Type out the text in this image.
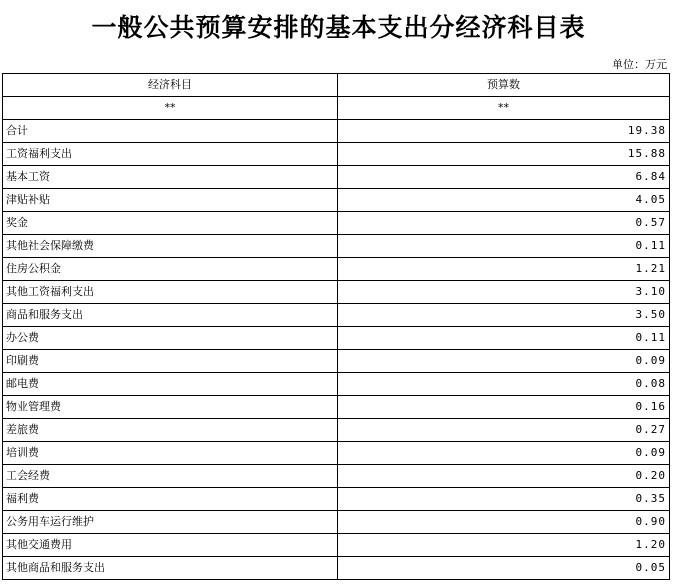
一般公共预算安排的基本支出分经济科目表
单位：万元
经济科目	预算数
**	**
合计	19.38
工资福利支出	15.88
基本工资	6.84
津贴补贴	4.05
奖金	0.57
其他社会保障缴费	0.11
住房公积金	1.21
其他工资福利支出	3.10
商品和服务支出	3.50
办公费	0.11
印刷费	0.09
邮电费	0.08
物业管理费	0.16
差旅费	0.27
培训费	0.09
工会经费	0.20
福利费	0.35
公务用车运行维护	0.90
其他交通费用	1.20
其他商品和服务支出	0.05
